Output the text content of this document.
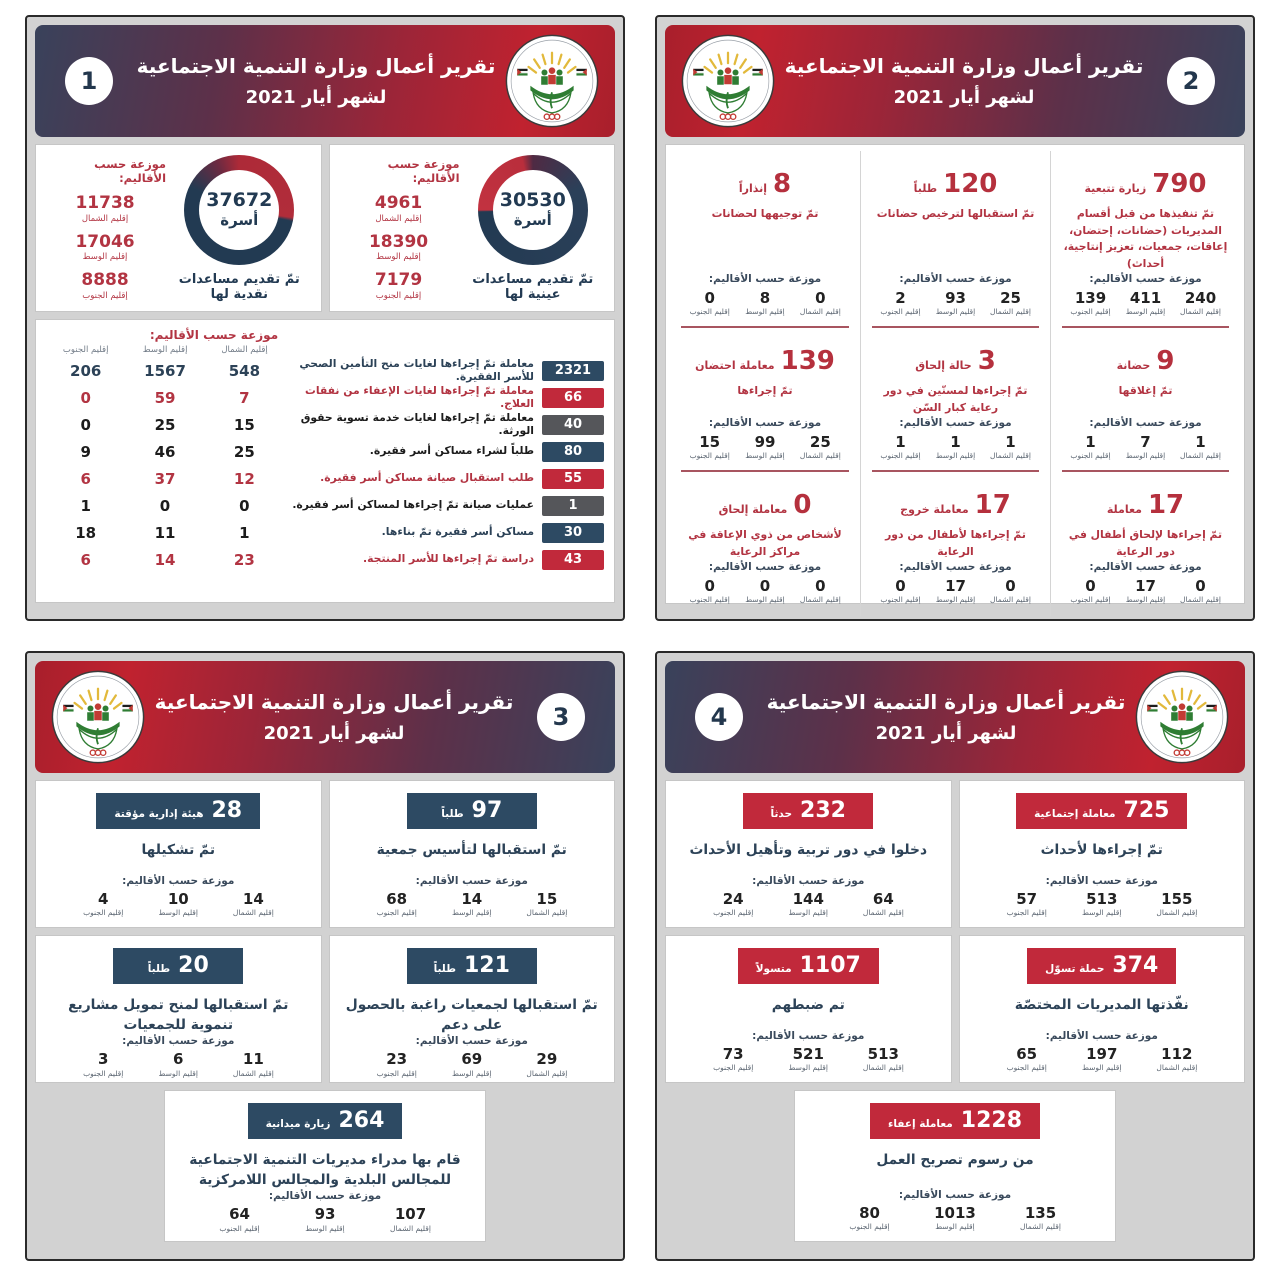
1
تقرير أعمال وزارة التنمية الاجتماعية
لشهر أيار 2021
30530
أسرة
تمّ تقديم مساعدات عينية لها
موزعة حسب الأقاليم:
4961
إقليم الشمال
18390
إقليم الوسط
7179
إقليم الجنوب
37672
أسرة
تمّ تقديم مساعدات نقدية لها
موزعة حسب الأقاليم:
11738
إقليم الشمال
17046
إقليم الوسط
8888
إقليم الجنوب
موزعة حسب الأقاليم:
إقليم الشمال
إقليم الوسط
إقليم الجنوب
2321
معاملة تمّ إجراءها لغايات منح التأمين الصحي للأسر الفقيرة.
548
1567
206
66
معاملة تمّ إجراءها لغايات الإعفاء من نفقات العلاج.
7
59
0
40
معاملة تمّ إجراءها لغايات خدمة تسوية حقوق الورثة.
15
25
0
80
طلباً لشراء مساكن أسر فقيرة.
25
46
9
55
طلب استقبال صيانة مساكن أسر فقيرة.
12
37
6
1
عمليات صيانة تمّ إجراءها لمساكن أسر فقيرة.
0
0
1
30
مساكن أسر فقيرة تمّ بناءها.
1
11
18
43
دراسة تمّ إجراءها للأسر المنتجة.
23
14
6
تقرير أعمال وزارة التنمية الاجتماعية
لشهر أيار 2021
2
790
زيارة تتبعية
تمّ تنفيذها من قبل أقسام المديريات (حضانات، إحتضان، إعاقات، جمعيات، تعزيز إنتاجية، أحداث)
موزعة حسب الأقاليم:
240
إقليم الشمال
411
إقليم الوسط
139
إقليم الجنوب
120
طلباً
تمّ استقبالها لترخيص حضانات
موزعة حسب الأقاليم:
25
إقليم الشمال
93
إقليم الوسط
2
إقليم الجنوب
8
إنذاراً
تمّ توجيهها لحضانات
موزعة حسب الأقاليم:
0
إقليم الشمال
8
إقليم الوسط
0
إقليم الجنوب
9
حضانة
تمّ إغلاقها
موزعة حسب الأقاليم:
1
إقليم الشمال
7
إقليم الوسط
1
إقليم الجنوب
3
حالة إلحاق
تمّ إجراءها لمسنّين في دور رعاية كبار السّن
موزعة حسب الأقاليم:
1
إقليم الشمال
1
إقليم الوسط
1
إقليم الجنوب
139
معاملة احتضان
تمّ إجراءها
موزعة حسب الأقاليم:
25
إقليم الشمال
99
إقليم الوسط
15
إقليم الجنوب
17
معاملة
تمّ إجراءها لإلحاق أطفال في دور الرعاية
موزعة حسب الأقاليم:
0
إقليم الشمال
17
إقليم الوسط
0
إقليم الجنوب
17
معاملة خروج
تمّ إجراءها لأطفال من دور الرعاية
موزعة حسب الأقاليم:
0
إقليم الشمال
17
إقليم الوسط
0
إقليم الجنوب
0
معاملة إلحاق
لأشخاص من ذوي الإعاقة في مراكز الرعاية
موزعة حسب الأقاليم:
0
إقليم الشمال
0
إقليم الوسط
0
إقليم الجنوب
تقرير أعمال وزارة التنمية الاجتماعية
لشهر أيار 2021
3
97
طلباً
تمّ استقبالها لتأسيس جمعية
موزعة حسب الأقاليم:
15
إقليم الشمال
14
إقليم الوسط
68
إقليم الجنوب
28
هيئة إدارية مؤقتة
تمّ تشكيلها
موزعة حسب الأقاليم:
14
إقليم الشمال
10
إقليم الوسط
4
إقليم الجنوب
121
طلباً
تمّ استقبالها لجمعيات راغبة بالحصول على دعم
موزعة حسب الأقاليم:
29
إقليم الشمال
69
إقليم الوسط
23
إقليم الجنوب
20
طلباً
تمّ استقبالها لمنح تمويل مشاريع تنموية للجمعيات
موزعة حسب الأقاليم:
11
إقليم الشمال
6
إقليم الوسط
3
إقليم الجنوب
264
زيارة ميدانية
قام بها مدراء مديريات التنمية الاجتماعية للمجالس البلدية والمجالس اللامركزية
موزعة حسب الأقاليم:
107
إقليم الشمال
93
إقليم الوسط
64
إقليم الجنوب
4
تقرير أعمال وزارة التنمية الاجتماعية
لشهر أيار 2021
725
معاملة إجتماعية
تمّ إجراءها لأحداث
موزعة حسب الأقاليم:
155
إقليم الشمال
513
إقليم الوسط
57
إقليم الجنوب
232
حدثاً
دخلوا في دور تربية وتأهيل الأحداث
موزعة حسب الأقاليم:
64
إقليم الشمال
144
إقليم الوسط
24
إقليم الجنوب
374
حملة تسوّل
نفّذتها المديريات المختصّة
موزعة حسب الأقاليم:
112
إقليم الشمال
197
إقليم الوسط
65
إقليم الجنوب
1107
متسولاً
تم ضبطهم
موزعة حسب الأقاليم:
513
إقليم الشمال
521
إقليم الوسط
73
إقليم الجنوب
1228
معاملة إعفاء
من رسوم تصريح العمل
موزعة حسب الأقاليم:
135
إقليم الشمال
1013
إقليم الوسط
80
إقليم الجنوب
